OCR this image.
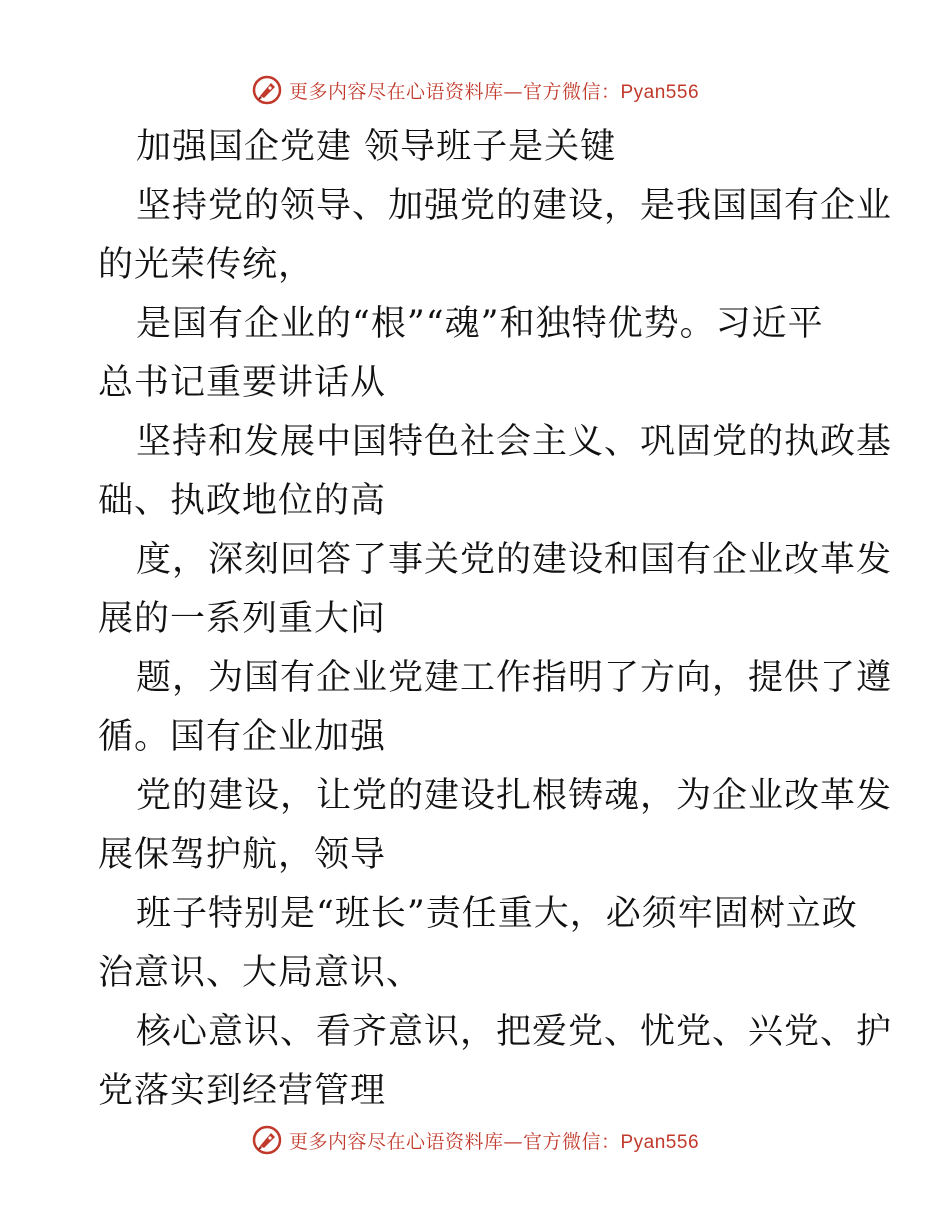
更多内容尽在心语资料库—官方微信：Pyan556
加强国企党建 领导班子是关键
坚持党的领导、加强党的建设，是我国国有企业
的光荣传统，
是国有企业的“根”“魂”和独特优势。习近平
总书记重要讲话从
坚持和发展中国特色社会主义、巩固党的执政基
础、执政地位的高
度，深刻回答了事关党的建设和国有企业改革发
展的一系列重大问
题，为国有企业党建工作指明了方向，提供了遵
循。国有企业加强
党的建设，让党的建设扎根铸魂，为企业改革发
展保驾护航，领导
班子特别是“班长”责任重大，必须牢固树立政
治意识、大局意识、
核心意识、看齐意识，把爱党、忧党、兴党、护
党落实到经营管理
更多内容尽在心语资料库—官方微信：Pyan556
